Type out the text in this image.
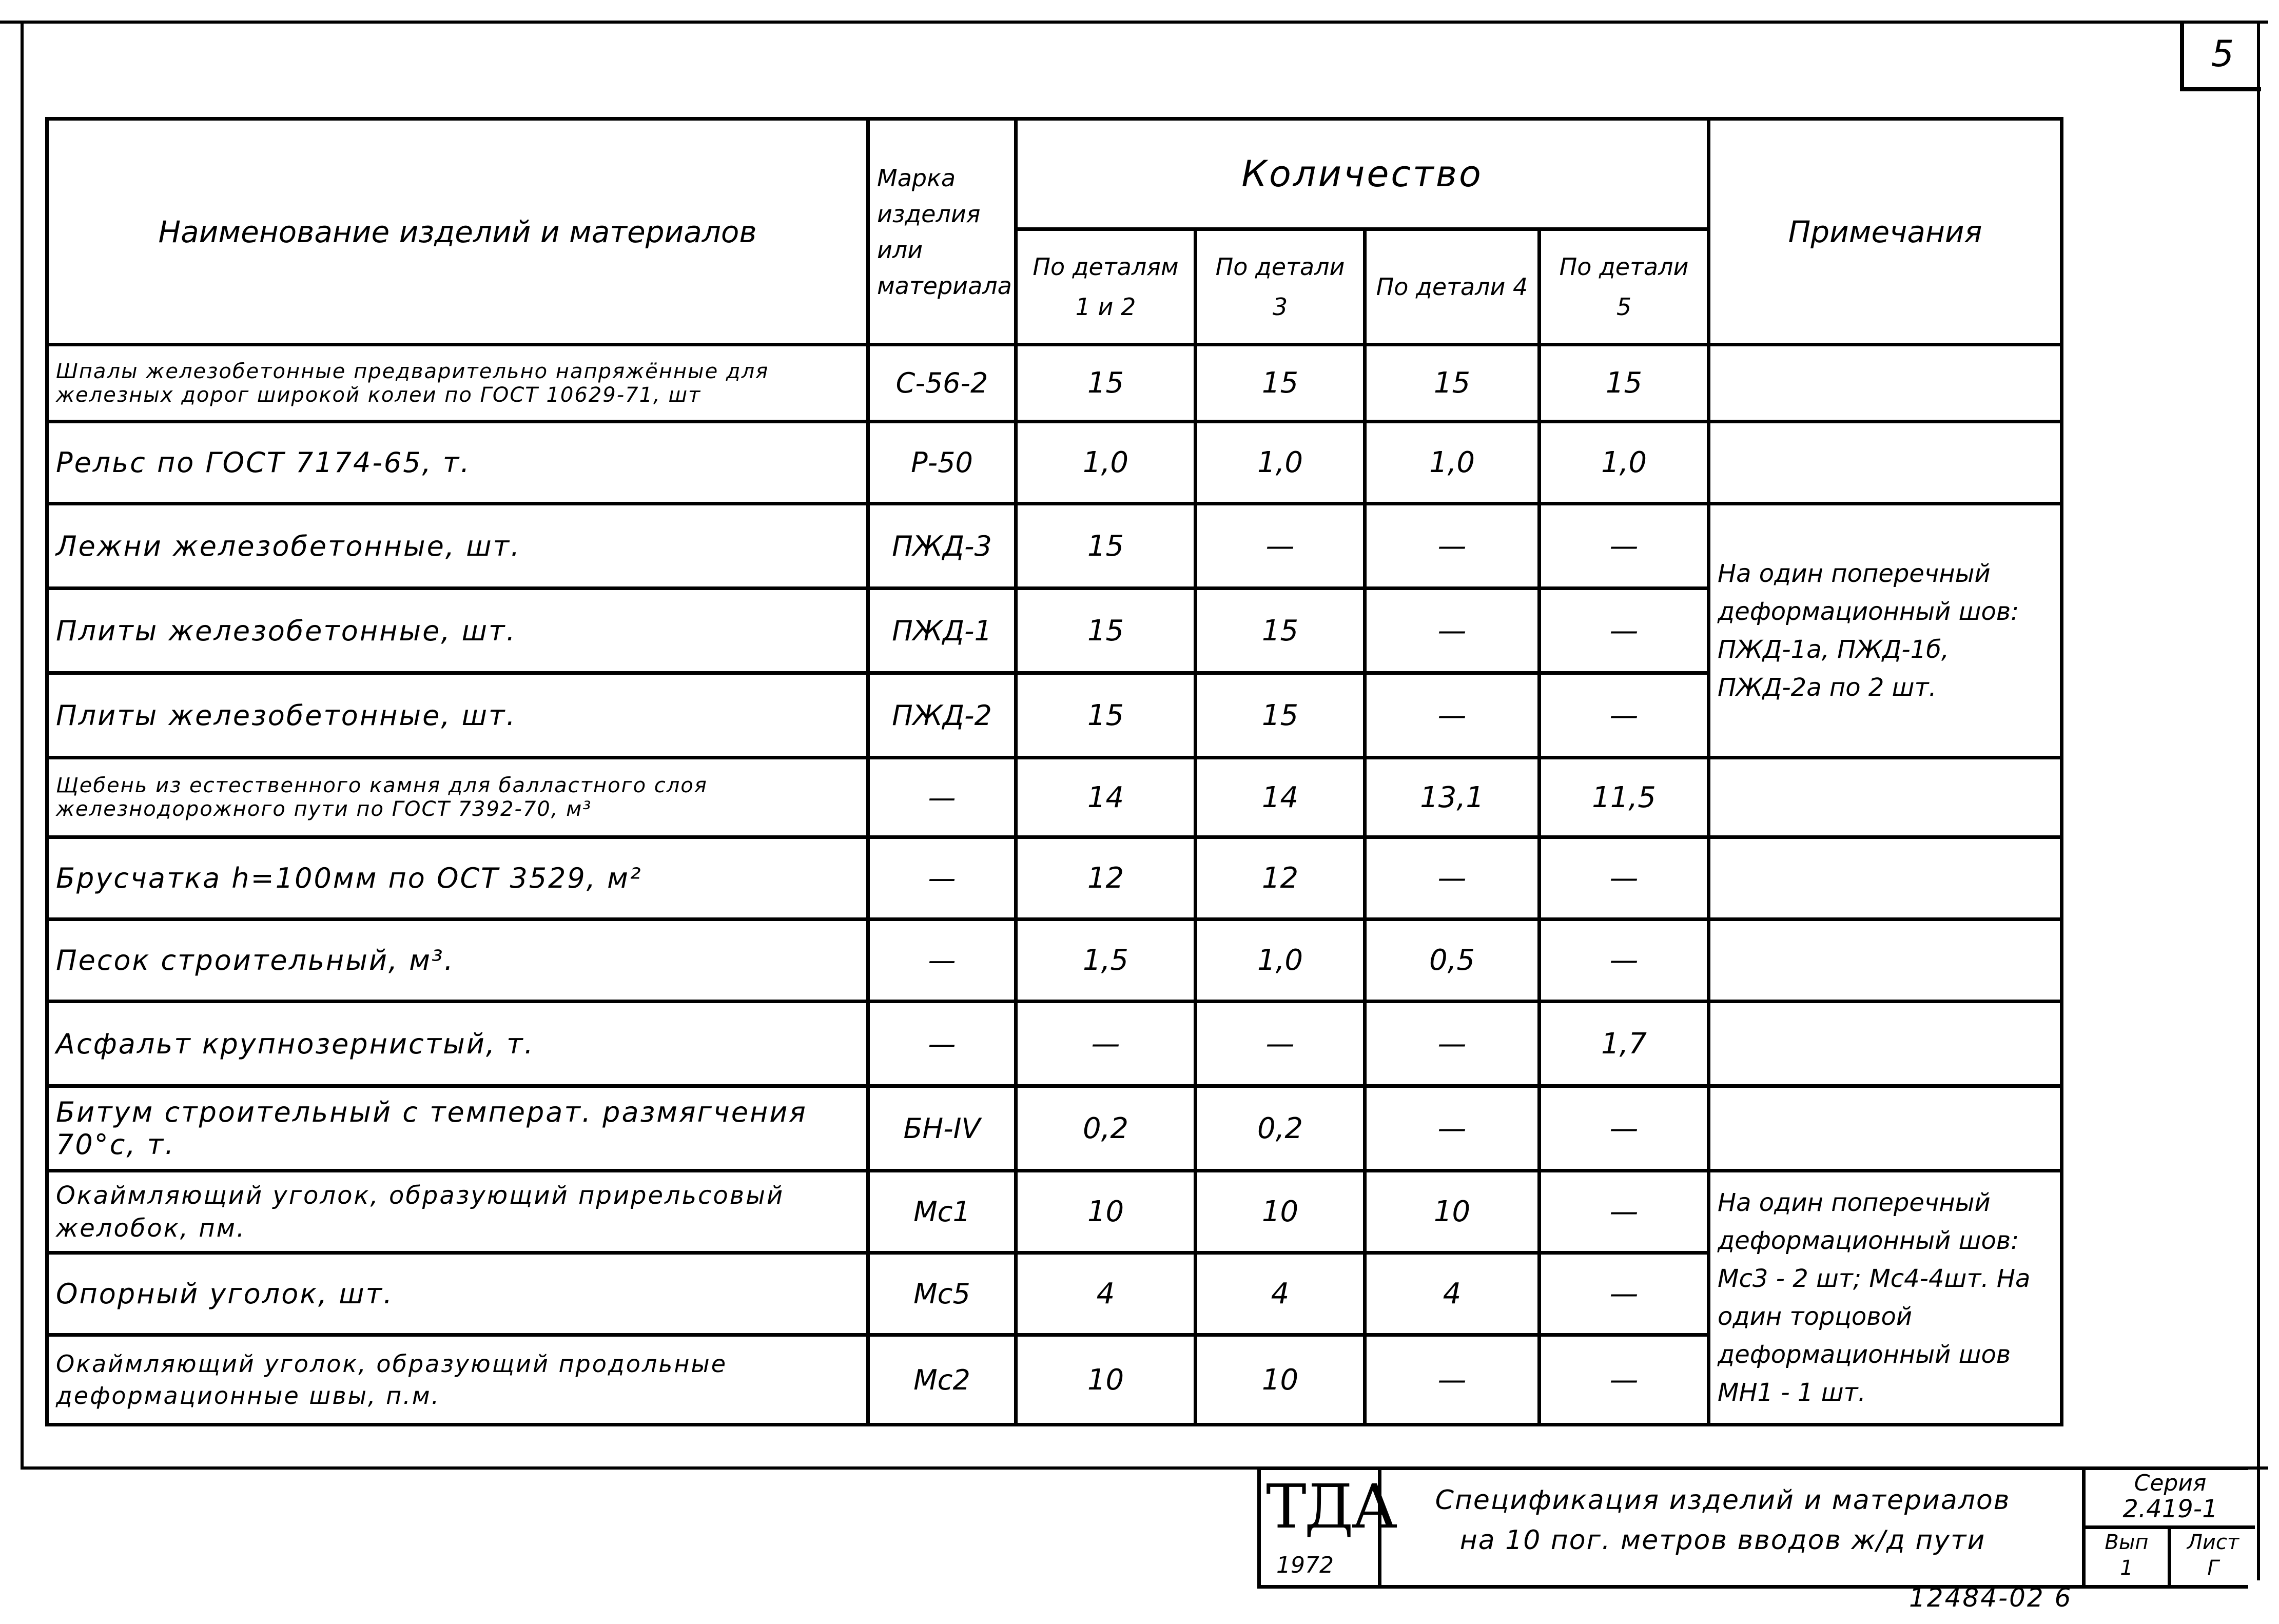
5
Наименование изделий и материалов	Марка изделия или материала	Количество				Примечания
		По деталям 1 и 2	По детали 3	По детали 4	По детали 5	
Шпалы железобетонные предварительно напряжённые для железных дорог широкой колеи по ГОСТ 10629-71, шт	С-56-2	15	15	15	15	
Рельс по ГОСТ 7174-65, т.	Р-50	1,0	1,0	1,0	1,0	
Лежни железобетонные, шт.	ПЖД-3	15	—	—	—	На один поперечный деформационный шов: ПЖД-1а, ПЖД-1б, ПЖД-2а по 2 шт.
Плиты железобетонные, шт.	ПЖД-1	15	15	—	—	
Плиты железобетонные, шт.	ПЖД-2	15	15	—	—	
Щебень из естественного камня для балластного слоя железнодорожного пути по ГОСТ 7392-70, м³	—	14	14	13,1	11,5	
Брусчатка h=100мм по ОСТ 3529, м²	—	12	12	—	—	
Песок строительный, м³.	—	1,5	1,0	0,5	—	
Асфальт крупнозернистый, т.	—	—	—	—	1,7	
Битум строительный с температ. размягчения 70°с, т.	БН-IV	0,2	0,2	—	—	
Окаймляющий уголок, образующий прирельсовый желобок, пм.	Мс1	10	10	10	—	На один поперечный деформационный шов: Мс3 - 2 шт; Мс4-4шт. На один торцовой деформационный шов МН1 - 1 шт.
Опорный уголок, шт.	Мс5	4	4	4	—	
Окаймляющий уголок, образующий продольные деформационные швы, п.м.	Мс2	10	10	—	—	
ТДА
1972
Спецификация изделий и материалов
на 10 пог. метров вводов ж/д пути
Серия
2.419-1
Вып
1
Лист
Г
12484-02 6
